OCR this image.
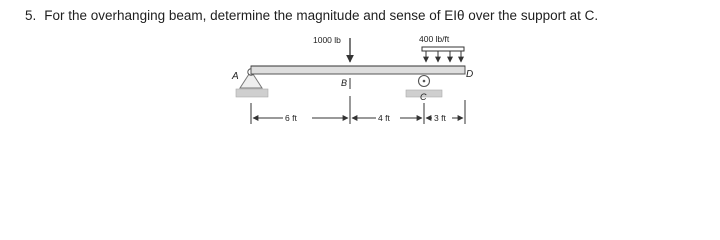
5. For the overhanging beam, determine the magnitude and sense of EIθ over the support at C.
1000 lb	400 lb/ft
A
B
C
D
6 ft	4 ft	3 ft
